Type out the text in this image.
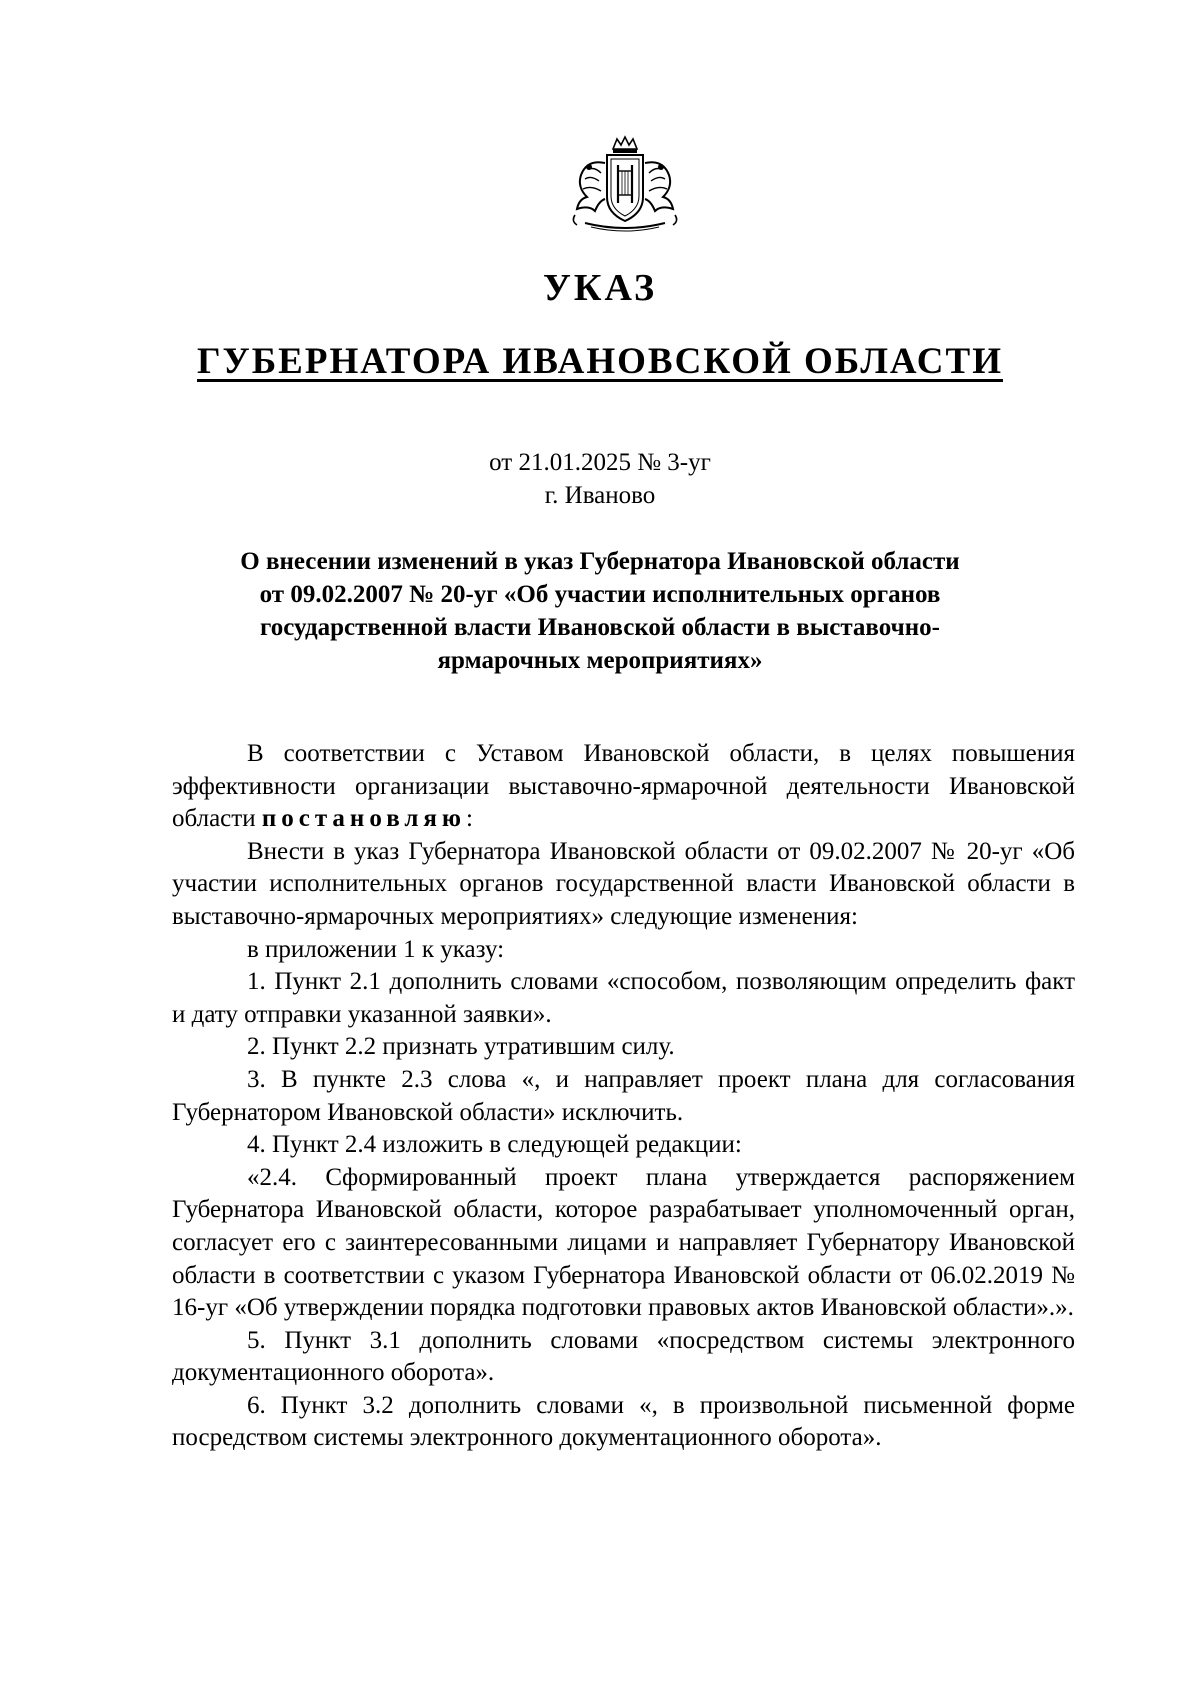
УКАЗ
ГУБЕРНАТОРА ИВАНОВСКОЙ ОБЛАСТИ
от 21.01.2025 № 3-уг
г. Иваново
О внесении изменений в указ Губернатора Ивановской области
от 09.02.2007 № 20-уг «Об участии исполнительных органов
государственной власти Ивановской области в выставочно-
ярмарочных мероприятиях»

В соответствии с Уставом Ивановской области, в целях повышения эффективности организации выставочно-ярмарочной деятельности Ивановской области постановляю:

Внести в указ Губернатора Ивановской области от 09.02.2007 № 20-уг «Об участии исполнительных органов государственной власти Ивановской области в выставочно-ярмарочных мероприятиях» следующие изменения:

в приложении 1 к указу:

1. Пункт 2.1 дополнить словами «способом, позволяющим определить факт и дату отправки указанной заявки».

2. Пункт 2.2 признать утратившим силу.

3. В пункте 2.3 слова «, и направляет проект плана для согласования Губернатором Ивановской области» исключить.

4. Пункт 2.4 изложить в следующей редакции:

«2.4. Сформированный проект плана утверждается распоряжением Губернатора Ивановской области, которое разрабатывает уполномоченный орган, согласует его с заинтересованными лицами и направляет Губернатору Ивановской области в соответствии с указом Губернатора Ивановской области от 06.02.2019 № 16-уг «Об утверждении порядка подготовки правовых актов Ивановской области».».

5. Пункт 3.1 дополнить словами «посредством системы электронного документационного оборота».

6. Пункт 3.2 дополнить словами «, в произвольной письменной форме посредством системы электронного документационного оборота».
